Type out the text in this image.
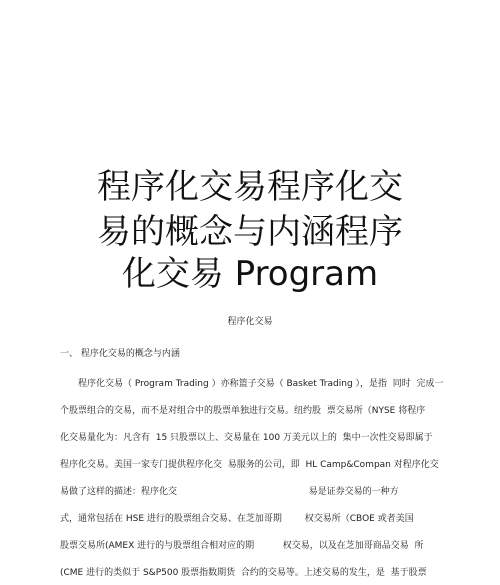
程序化交易程序化交
易的概念与内涵程序
化交易 Program
程序化交易
一、 程序化交易的概念与内涵
程序化交易（ Program Trading ）亦称篮子交易（ Basket Trading ），是指  同时  完成一
个股票组合的交易，而不是对组合中的股票单独进行交易。纽约股  票交易所（NYSE 将程序
化交易量化为：凡含有  15 只股票以上、交易量在 100 万美元以上的  集中一次性交易即属于
程序化交易。美国一家专门提供程序化交  易服务的公司，即  HL Camp&Compan 对程序化交
易做了这样的描述：程序化交                                              易是证券交易的一种方
式，通常包括在 HSE 进行的股票组合交易、在芝加哥期        权交易所（CBOE 或者美国
股票交易所(AMEX 进行的与股票组合相对应的期          权交易，以及在芝加哥商品交易  所
(CME 进行的类似于 S&P500 股票指数期货  合约的交易等。上述交易的发生，是  基于股票
